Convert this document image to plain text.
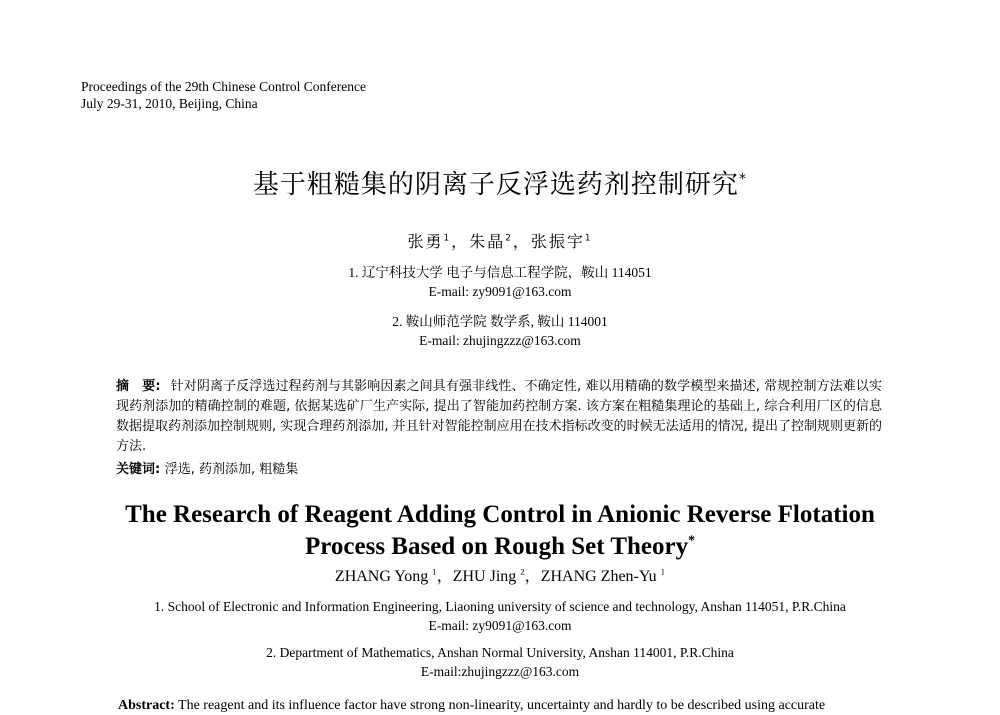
Proceedings of the 29th Chinese Control Conference
July 29-31, 2010, Beijing, China
基于粗糙集的阴离子反浮选药剂控制研究*
张勇$^1$，朱晶$^2$，张振宇$^1$
1. 辽宁科技大学 电子与信息工程学院，鞍山 114051
E-mail: zy9091@163.com
2. 鞍山师范学院 数学系, 鞍山 114001
E-mail: zhujingzzz@163.com
摘　要: 针对阴离子反浮选过程药剂与其影响因素之间具有强非线性、不确定性, 难以用精确的数学模型来描述, 常规控制方法难以实现药剂添加的精确控制的难题, 依据某选矿厂生产实际, 提出了智能加药控制方案. 该方案在粗糙集理论的基础上, 综合利用厂区的信息数据提取药剂添加控制规则, 实现合理药剂添加, 并且针对智能控制应用在技术指标改变的时候无法适用的情况, 提出了控制规则更新的方法.
关键词: 浮选, 药剂添加, 粗糙集
The Research of Reagent Adding Control in Anionic Reverse Flotation
Process Based on Rough Set Theory*
ZHANG Yong $^1$，ZHU Jing $^2$，ZHANG Zhen-Yu $^1$
1. School of Electronic and Information Engineering, Liaoning university of science and technology, Anshan 114051, P.R.China
E-mail: zy9091@163.com
2. Department of Mathematics, Anshan Normal University, Anshan 114001, P.R.China
E-mail:zhujingzzz@163.com
Abstract: The reagent and its influence factor have strong non-linearity, uncertainty and hardly to be described using accurate
